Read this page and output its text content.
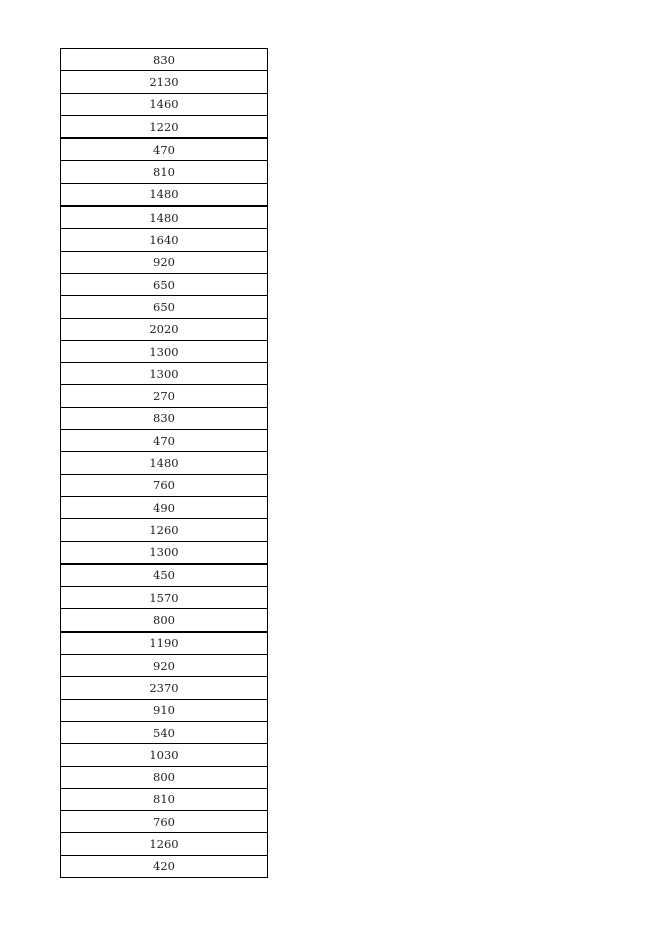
830
2130
1460
1220
470
810
1480
1480
1640
920
650
650
2020
1300
1300
270
830
470
1480
760
490
1260
1300
450
1570
800
1190
920
2370
910
540
1030
800
810
760
1260
420
